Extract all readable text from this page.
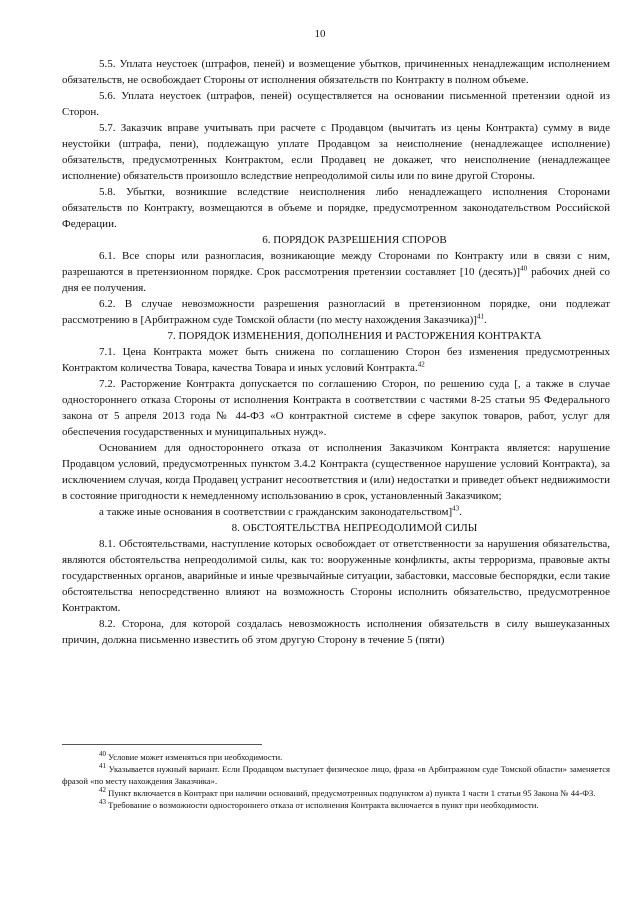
10

5.5. Уплата неустоек (штрафов, пеней) и возмещение убытков, причиненных ненадлежащим исполнением обязательств, не освобождает Стороны от исполнения обязательств по Контракту в полном объеме.

5.6. Уплата неустоек (штрафов, пеней) осуществляется на основании письменной претензии одной из Сторон.

5.7. Заказчик вправе учитывать при расчете с Продавцом (вычитать из цены Контракта) сумму в виде неустойки (штрафа, пени), подлежащую уплате Продавцом за неисполнение (ненадлежащее исполнение) обязательств, предусмотренных Контрактом, если Продавец не докажет, что неисполнение (ненадлежащее исполнение) обязательств произошло вследствие непреодолимой силы или по вине другой Стороны.

5.8. Убытки, возникшие вследствие неисполнения либо ненадлежащего исполнения Сторонами обязательств по Контракту, возмещаются в объеме и порядке, предусмотренном законодательством Российской Федерации.

6. ПОРЯДОК РАЗРЕШЕНИЯ СПОРОВ

6.1. Все споры или разногласия, возникающие между Сторонами по Контракту или в связи с ним, разрешаются в претензионном порядке. Срок рассмотрения претензии составляет [10 (десять)]$^{40}$ рабочих дней со дня ее получения.

6.2. В случае невозможности разрешения разногласий в претензионном порядке, они подлежат рассмотрению в [Арбитражном суде Томской области (по месту нахождения Заказчика)]$^{41}$.

7. ПОРЯДОК ИЗМЕНЕНИЯ, ДОПОЛНЕНИЯ И РАСТОРЖЕНИЯ КОНТРАКТА

7.1. Цена Контракта может быть снижена по соглашению Сторон без изменения предусмотренных Контрактом количества Товара, качества Товара и иных условий Контракта.$^{42}$

7.2. Расторжение Контракта допускается по соглашению Сторон, по решению суда [, а также в случае одностороннего отказа Стороны от исполнения Контракта в соответствии с частями 8-25 статьи 95 Федерального закона от 5 апреля 2013 года № 44-ФЗ «О контрактной системе в сфере закупок товаров, работ, услуг для обеспечения государственных и муниципальных нужд».

Основанием для одностороннего отказа от исполнения Заказчиком Контракта является: нарушение Продавцом условий, предусмотренных пунктом 3.4.2 Контракта (существенное нарушение условий Контракта), за исключением случая, когда Продавец устранит несоответствия и (или) недостатки и приведет объект недвижимости в состояние пригодности к немедленному использованию в срок, установленный Заказчиком;

а также иные основания в соответствии с гражданским законодательством]$^{43}$.

8. ОБСТОЯТЕЛЬСТВА НЕПРЕОДОЛИМОЙ СИЛЫ

8.1. Обстоятельствами, наступление которых освобождает от ответственности за нарушения обязательства, являются обстоятельства непреодолимой силы, как то: вооруженные конфликты, акты терроризма, правовые акты государственных органов, аварийные и иные чрезвычайные ситуации, забастовки, массовые беспорядки, если такие обстоятельства непосредственно влияют на возможность Стороны исполнить обязательство, предусмотренное Контрактом.

8.2. Сторона, для которой создалась невозможность исполнения обязательств в силу вышеуказанных причин, должна письменно известить об этом другую Сторону в течение 5 (пяти)

$^{40}$ Условие может изменяться при необходимости.

$^{41}$ Указывается нужный вариант. Если Продавцом выступает физическое лицо, фраза «в Арбитражном суде Томской области» заменяется фразой «по месту нахождения Заказчика».

$^{42}$ Пункт включается в Контракт при наличии оснований, предусмотренных подпунктом а) пункта 1 части 1 статьи 95 Закона № 44-ФЗ.

$^{43}$ Требование о возможности одностороннего отказа от исполнения Контракта включается в пункт при необходимости.
